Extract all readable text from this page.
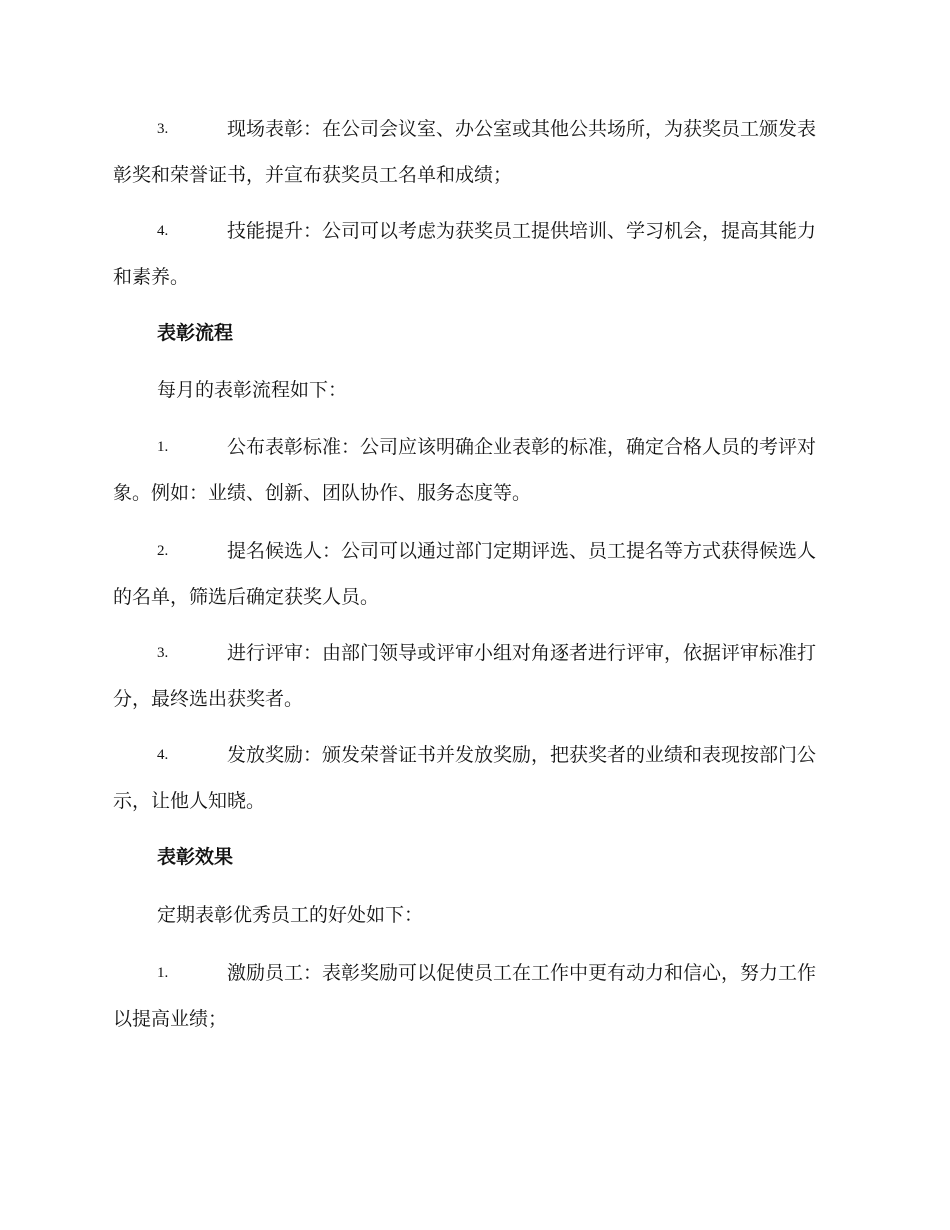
3.	现场表彰：在公司会议室、办公室或其他公共场所，为获奖员工颁发表彰奖和荣誉证书，并宣布获奖员工名单和成绩；
4.	技能提升：公司可以考虑为获奖员工提供培训、学习机会，提高其能力和素养。
表彰流程
每月的表彰流程如下：
1.	公布表彰标准：公司应该明确企业表彰的标准，确定合格人员的考评对象。例如：业绩、创新、团队协作、服务态度等。
2.	提名候选人：公司可以通过部门定期评选、员工提名等方式获得候选人的名单，筛选后确定获奖人员。
3.	进行评审：由部门领导或评审小组对角逐者进行评审，依据评审标准打分，最终选出获奖者。
4.	发放奖励：颁发荣誉证书并发放奖励，把获奖者的业绩和表现按部门公示，让他人知晓。
表彰效果
定期表彰优秀员工的好处如下：
1.	激励员工：表彰奖励可以促使员工在工作中更有动力和信心，努力工作以提高业绩；
